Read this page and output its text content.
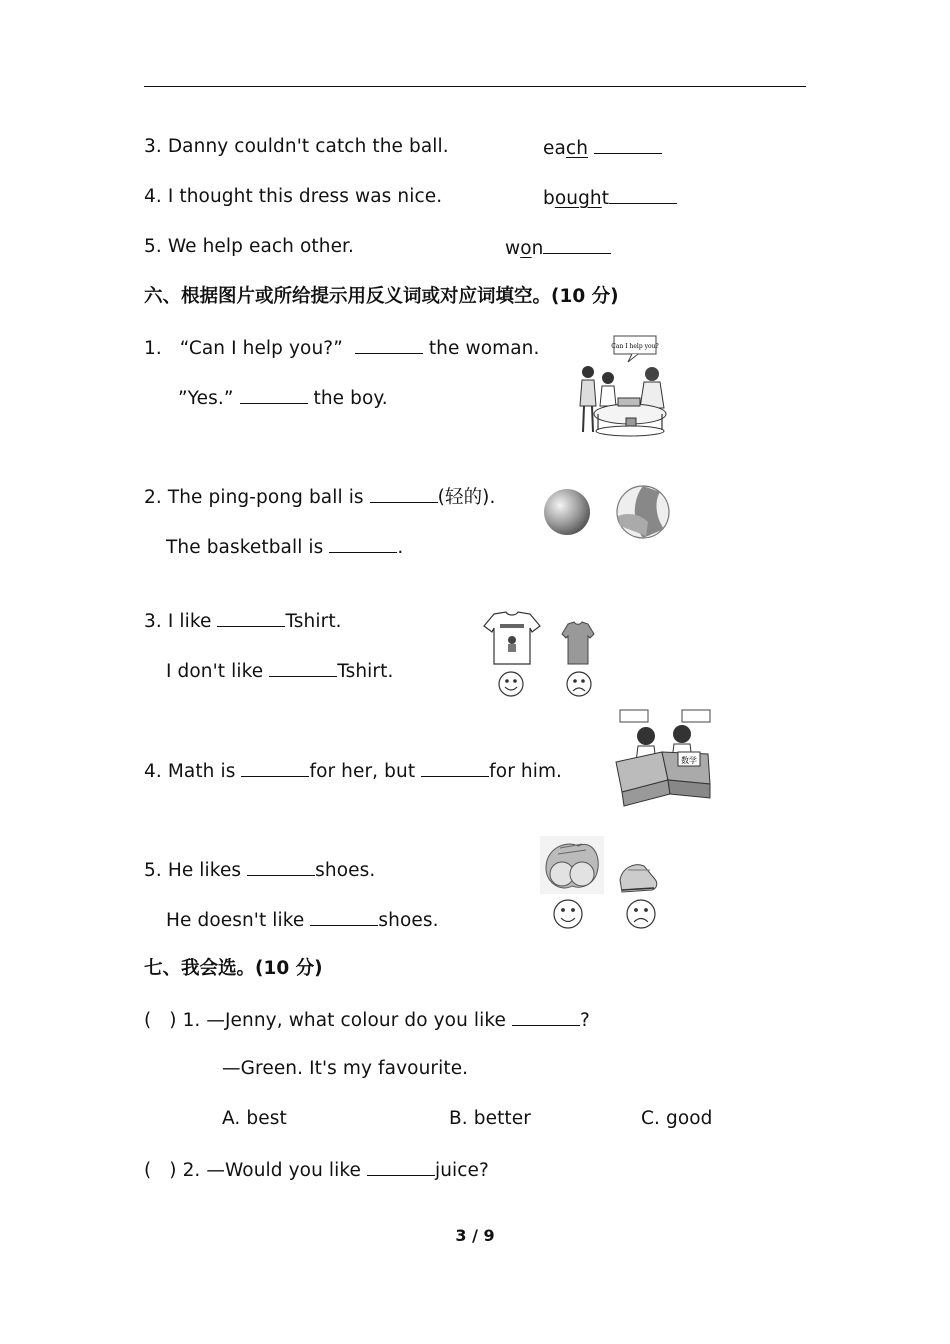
3. Danny couldn't catch the ball.	each
4. I thought this dress was nice.	bought
5. We help each other.	won
六、根据图片或所给提示用反义词或对应词填空。(10 分)
1.   “Can I help you?”	the woman.
”Yes.”	the boy.
Can I help you?
2. The ping-pong ball is	(轻的).
The basketball is	.
3. I like	Tshirt.
I don't like	Tshirt.
4. Math is	for her, but	for him.
数学
5. He likes	shoes.
He doesn't like	shoes.
七、我会选。(10 分)
(   ) 1. —Jenny, what colour do you like	?
—Green. It's my favourite.
A. best	B. better	C. good
(   ) 2. —Would you like	juice?
3 / 9
